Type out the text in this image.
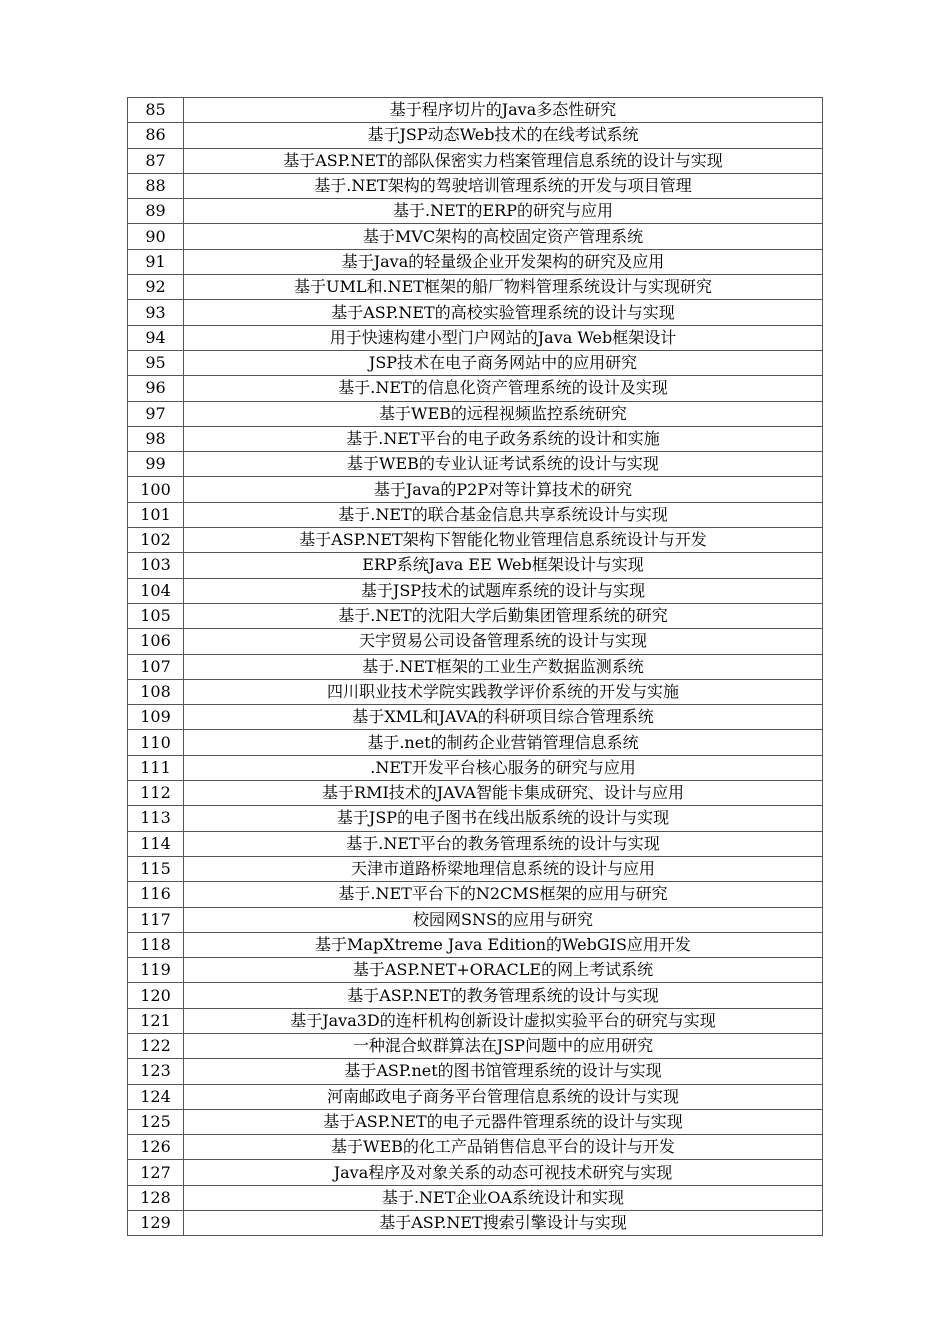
85	基于程序切片的Java多态性研究
86	基于JSP动态Web技术的在线考试系统
87	基于ASP.NET的部队保密实力档案管理信息系统的设计与实现
88	基于.NET架构的驾驶培训管理系统的开发与项目管理
89	基于.NET的ERP的研究与应用
90	基于MVC架构的高校固定资产管理系统
91	基于Java的轻量级企业开发架构的研究及应用
92	基于UML和.NET框架的船厂物料管理系统设计与实现研究
93	基于ASP.NET的高校实验管理系统的设计与实现
94	用于快速构建小型门户网站的Java Web框架设计
95	JSP技术在电子商务网站中的应用研究
96	基于.NET的信息化资产管理系统的设计及实现
97	基于WEB的远程视频监控系统研究
98	基于.NET平台的电子政务系统的设计和实施
99	基于WEB的专业认证考试系统的设计与实现
100	基于Java的P2P对等计算技术的研究
101	基于.NET的联合基金信息共享系统设计与实现
102	基于ASP.NET架构下智能化物业管理信息系统设计与开发
103	ERP系统Java EE Web框架设计与实现
104	基于JSP技术的试题库系统的设计与实现
105	基于.NET的沈阳大学后勤集团管理系统的研究
106	天宇贸易公司设备管理系统的设计与实现
107	基于.NET框架的工业生产数据监测系统
108	四川职业技术学院实践教学评价系统的开发与实施
109	基于XML和JAVA的科研项目综合管理系统
110	基于.net的制药企业营销管理信息系统
111	.NET开发平台核心服务的研究与应用
112	基于RMI技术的JAVA智能卡集成研究、设计与应用
113	基于JSP的电子图书在线出版系统的设计与实现
114	基于.NET平台的教务管理系统的设计与实现
115	天津市道路桥梁地理信息系统的设计与应用
116	基于.NET平台下的N2CMS框架的应用与研究
117	校园网SNS的应用与研究
118	基于MapXtreme Java Edition的WebGIS应用开发
119	基于ASP.NET+ORACLE的网上考试系统
120	基于ASP.NET的教务管理系统的设计与实现
121	基于Java3D的连杆机构创新设计虚拟实验平台的研究与实现
122	一种混合蚁群算法在JSP问题中的应用研究
123	基于ASP.net的图书馆管理系统的设计与实现
124	河南邮政电子商务平台管理信息系统的设计与实现
125	基于ASP.NET的电子元器件管理系统的设计与实现
126	基于WEB的化工产品销售信息平台的设计与开发
127	Java程序及对象关系的动态可视技术研究与实现
128	基于.NET企业OA系统设计和实现
129	基于ASP.NET搜索引擎设计与实现
